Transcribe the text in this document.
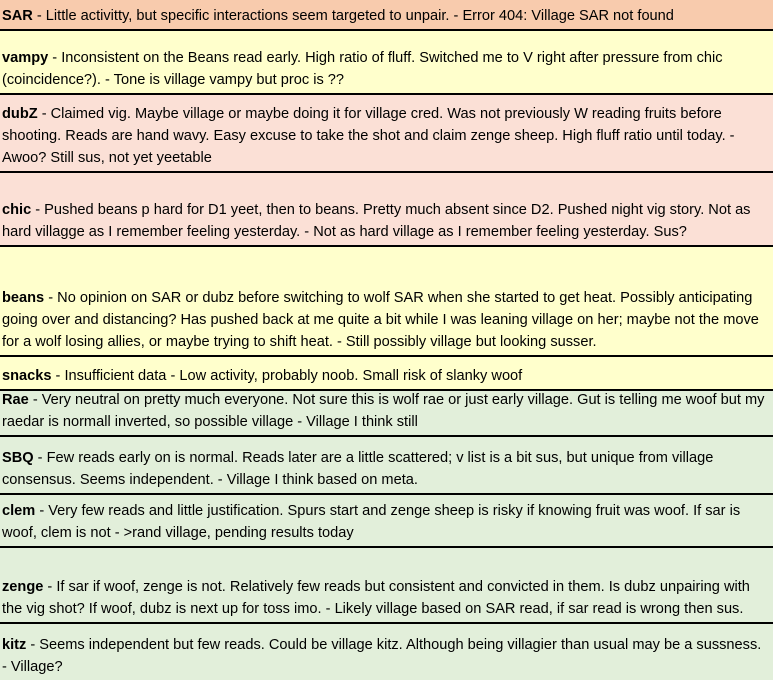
SAR - Little activitty, but specific interactions seem targeted to unpair. - Error 404: Village SAR not found

vampy - Inconsistent on the Beans read early. High ratio of fluff. Switched me to V right after pressure from chic (coincidence?). - Tone is village vampy but proc is ??

dubZ - Claimed vig. Maybe village or maybe doing it for village cred. Was not previously W reading fruits before shooting. Reads are hand wavy. Easy excuse to take the shot and claim zenge sheep. High fluff ratio until today. - Awoo? Still sus, not yet yeetable

chic - Pushed beans p hard for D1 yeet, then to beans. Pretty much absent since D2. Pushed night vig story. Not as hard villagge as I remember feeling yesterday. - Not as hard village as I remember feeling yesterday. Sus?

beans - No opinion on SAR or dubz before switching to wolf SAR when she started to get heat. Possibly anticipating going over and distancing? Has pushed back at me quite a bit while I was leaning village on her; maybe not the move for a wolf losing allies, or maybe trying to shift heat. - Still possibly village but looking susser.

snacks - Insufficient data - Low activity, probably noob. Small risk of slanky woof

Rae - Very neutral on pretty much everyone. Not sure this is wolf rae or just early village. Gut is telling me woof but my raedar is normall inverted, so possible village - Village I think still

SBQ - Few reads early on is normal. Reads later are a little scattered; v list is a bit sus, but unique from village consensus. Seems independent. - Village I think based on meta.

clem - Very few reads and little justification. Spurs start and zenge sheep is risky if knowing fruit was woof. If sar is woof, clem is not - >rand village, pending results today

zenge - If sar if woof, zenge is not. Relatively few reads but consistent and convicted in them. Is dubz unpairing with the vig shot? If woof, dubz is next up for toss imo. - Likely village based on SAR read, if sar read is wrong then sus.

kitz - Seems independent but few reads. Could be village kitz. Although being villagier than usual may be a sussness. - Village?
